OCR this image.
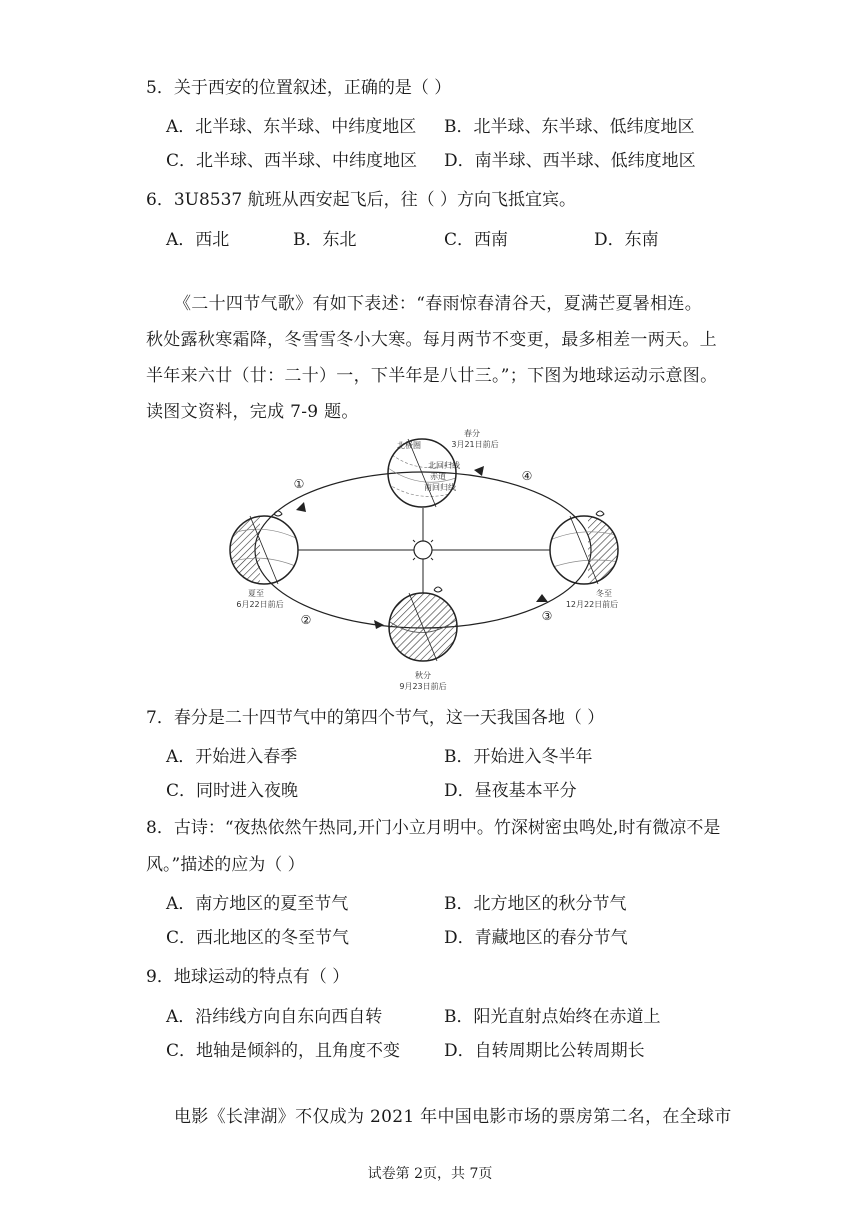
5．关于西安的位置叙述，正确的是（ ）
A．北半球、东半球、中纬度地区 B．北半球、东半球、低纬度地区
C．北半球、西半球、中纬度地区 D．南半球、西半球、低纬度地区
6．3U8537 航班从西安起飞后，往（ ）方向飞抵宜宾。
A．西北	B．东北	C．西南	D．东南
《二十四节气歌》有如下表述：“春雨惊春清谷天，夏满芒夏暑相连。
秋处露秋寒霜降，冬雪雪冬小大寒。每月两节不变更，最多相差一两天。上
半年来六廿（廿：二十）一，下半年是八廿三。”；下图为地球运动示意图。
读图文资料，完成 7-9 题。
北极圈
北回归线
赤道
南回归线
春分
3月21日前后
夏至
6月22日前后
秋分
9月23日前后
冬至
12月22日前后
①
②	③
④
7．春分是二十四节气中的第四个节气，这一天我国各地（ ）
A．开始进入春季	B．开始进入冬半年
C．同时进入夜晚	D．昼夜基本平分
8．古诗：“夜热依然午热同,开门小立月明中。竹深树密虫鸣处,时有微凉不是
风。”描述的应为（ ）
A．南方地区的夏至节气	B．北方地区的秋分节气
C．西北地区的冬至节气	D．青藏地区的春分节气
9．地球运动的特点有（ ）
A．沿纬线方向自东向西自转	B．阳光直射点始终在赤道上
C．地轴是倾斜的，且角度不变	D．自转周期比公转周期长
电影《长津湖》不仅成为 2021 年中国电影市场的票房第二名，在全球市
试卷第 2页，共 7页
